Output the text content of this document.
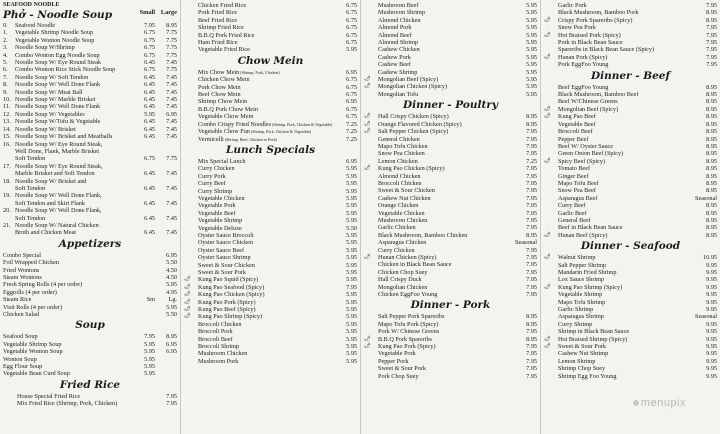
SEAFOOD NOODLE
Phở - Noodle Soup	Small Large
0.	Seafood Noodle	7.95	8.95
1.	Vegetable Shrimp Noodle Soup	6.75	7.75
2.	Vegetable Wonton Noodle Soup	6.75	7.75
3.	Noodle Soup W/Shrimp	6.75	7.75
4.	Combo Wonton Egg Noodle Soup	6.75	7.75
5.	Noodle Soup W/ Eye Round Steak	6.45	7.45
6.	Combo Wonton Rice Stick Noodle Soup	6.75	7.75
7.	Noodle Soup W/ Soft Tendon	6.45	7.45
8.	Noodle Soup W/ Well Done Flank	6.45	7.45
9.	Noodle Soup W/ Meat Ball	6.45	7.45
10. Noodle Soup W/ Marble Brisket	6.45	7.45
11. Noodle Soup W/ Well Done Flank	6.45	7.45
12. Noodle Soup W/ Vegetables	5.95	6.95
13. Noodle Soup W/Tofu & Vegetable	6.45	7.45
14. Noodle Soup W/ Brisket	6.45	7.45
15. Noodle Soup W/ Brisket and Meatballs	6.45	7.45
16. Noodle Soup W/ Eye Round Steak,
Well Done, Flank, Marble Brisket
Soft Tendon	6.75	7.75
17. Noodle Soup W/ Eye Round Steak,
Marble Brisket and Soft Tendon	6.45	7.45
18. Noodle Soup W/ Brisket and
Soft Tendon	6.45	7.45
19. Noodle Soup W/ Well Done Flank,
Soft Tendon and Skirt Flank	6.45	7.45
20. Noodle Soup W/ Well Done Flank,
Soft Tendon	6.45	7.45
21. Noodle Soup W/ Natural Chicken
Broth and Chicken Meat	6.45	7.45
Appetizers
Combo Special	6.95
Foil Wrapped Chicken	5.50
Fried Wontons	4.50
Steam Wontons	4.50
Fresh Spring Rolls (4 per order)	5.95
Eggrolls (4 per order)	4.95
Steam Rice	Sm	Lg.
Visit Rolls (4 per order)	5.95
Chicken Salad	5.50
Soup
Seafood Soup	7.95	8.95
Vegetable Shrimp Soup	5.95	6.95
Vegetable Wonton Soup	5.95	6.95
Wonton Soup	5.95
Egg Flour Soup	5.95
Vegetable Bean Curd Soup	5.95
Fried Rice
House Special Fried Rice	7.95
Mix Fried Rice (Shrimp, Pork, Chicken)	7.95
Chicken Fried Rice	6.75
Pork Fried Rice	6.75
Beef Fried Rice	6.75
Shrimp Fried Rice	6.75
B.B.Q Pork Fried Rice	6.75
Ham Fried Rice	6.75
Vegetable Fried Rice	5.95
Chow Mein
Mix Chow Mein (Shrimp, Pork, Chicken)	6.95
Chicken Chow Mein	6.75
Pork Chow Mein	6.75
Beef Chow Mein	6.75
Shrimp Chow Mein	6.95
B.B.Q Pork Chow Mein	6.75
Vegetable Chow Mein	6.75
Combo Crispy Fried Noodles (Shrimp, Pork, Chicken & Vegetable)	7.25
Vegetable Chow Fun (Shrimp, Pork, Chicken & Vegetable)	7.25
Vermicelli (Shrimp, Beef, Chicken or Pork)	7.25
Lunch Specials
Mix Special Lunch	6.95
Curry Chicken	5.95
Curry Pork	5.95
Curry Beef	5.95
Curry Shrimp	5.95
Vegetable Chicken	5.95
Vegetable Pork	5.95
Vegetable Beef	5.95
Vegetable Shrimp	5.95
Vegetable Deluxe	5.50
Oyster Sauce Broccoli	5.95
Oyster Sauce Chicken	5.95
Oyster Sauce Beef	5.95
Oyster Sauce Shrimp	5.95
Sweet & Sour Chicken	5.95
Sweet & Sour Pork	5.95
🌶	Kung Pao Squid (Spicy)	5.95
🌶	Kung Pao Seafood (Spicy)	7.95
🌶	Kung Pao Chicken (Spicy)	5.95
🌶	Kung Pao Pork (Spicy)	5.95
🌶	Kung Pao Beef (Spicy)	5.95
🌶	Kung Pao Shrimp (Spicy)	5.95
Broccoli Chicken	5.95
Broccoli Pork	5.95
Broccoli Beef	5.95
Broccoli Shrimp	5.95
Mushroom Chicken	5.95
Mushroom Pork	5.95
Mushroom Beef	5.95
Mushroom Shrimp	5.95
Almond Chicken	5.95
Almond Pork	5.95
Almond Beef	5.95
Almond Shrimp	5.95
Cashew Chicken	5.95
Cashew Pork	5.95
Cashew Beef	5.95
Cashew Shrimp	5.95
🌶	Mongolian Beef (Spicy)	5.95
🌶	Mongolian Chicken (Spicy)	5.95
Mongolian Tofu	5.95
Dinner - Poultry
🌶	Hall Crispy Chicken (Spicy)	8.95
🌶	Orange Flavored Chicken (Spicy)	8.95
🌶	Salt Pepper Chicken (Spicy)	7.95
General Chicken	7.95
Mapo Tofu Chicken	7.95
Snow Pea Chicken	7.95
Lemon Chicken	7.25
🌶	Kung Pao Chicken (Spicy)	7.95
Almond Chicken	7.95
Broccoli Chicken	7.95
Sweet & Sour Chicken	7.95
Cashew Nut Chicken	7.95
Orange Chicken	7.95
Vegetable Chicken	7.95
Mushroom Chicken	7.95
Garlic Chicken	7.95
Black Mushroom, Bamboo Chicken	8.95
Asparagus Chicken	Seasonal
Curry Chicken	7.95
🌶	Hunan Chicken (Spicy)	7.95
Chicken in Black Bean Sauce	7.95
Chicken Chop Suey	7.95
Hall Crispy Duck	7.95
Mongolian Chicken	7.95
Chicken EggFoo Young	7.95
Dinner - Pork
Salt Pepper Pork Spareribs	8.95
Mapo Tofu Pork (Spicy)	8.95
Pork W/ Chinese Greens	7.95
🌶	B.B.Q Pork Spareribs	8.95
🌶	Kung Pao Pork (Spicy)	7.95
Vegetable Pork	7.95
Pepper Pork	7.95
Sweet & Sour Pork	7.95
Pork Chop Suey	7.95
Garlic Pork	7.95
Black Mushroom, Bamboo Pork	8.95
🌶	Crispy Pork Spareribs (Spicy)	8.95
Snow Pea Pork	7.95
🌶	Hot Braised Pork (Spicy)	7.95
Pork in Black Bean Sauce	7.95
Spareribs in Black Bean Sauce (Spicy)	7.95
🌶	Hunan Pork (Spicy)	7.95
Pork EggFoo Young	7.95
Dinner - Beef
Beef EggFoo Young	8.95
Black Mushroom, Bamboo Beef	8.95
Beef W/Chinese Greens	8.95
🌶	Mongolian Beef (Spicy)	8.95
🌶	Kung Pao Beef	8.95
Vegetable Beef	8.95
Broccoli Beef	8.95
Pepper Beef	8.95
Beef W/ Oyster Sauce	8.95
Green Onion Beef (Spicy)	8.95
🌶	Spicy Beef (Spicy)	8.95
Tomato Beef	8.95
Ginger Beef	8.95
Mapo Tofu Beef	8.95
Snow Pea Beef	8.95
Asparagus Beef	Seasonal
Curry Beef	8.95
Garlic Beef	8.95
General Beef	8.95
Beef in Black Bean Sauce	8.95
🌶	Hunan Beef (Spicy)	8.95
Dinner - Seafood
🌶	Walnut Shrimp	10.95
Salt Pepper Shrimp	9.95
Mandarin Fried Shrimp	9.95
Lox Sauce Shrimp	9.95
🌶	Kung Pao Shrimp (Spicy)	9.95
Vegetable Shrimp	9.95
Mapo Tofu Shrimp	9.95
Garlic Shrimp	9.95
Asparagus Shrimp	Seasonal
Curry Shrimp	9.95
Shrimp in Black Bean Sauce	9.95
🌶	Hot Braised Shrimp (Spicy)	9.95
🌶	Sweet & Sour Pork	9.95
Cashew Nut Shrimp	9.95
Lemon Shrimp	9.95
Shrimp Chop Suey	9.95
Shrimp Egg Foo Young	9.95
menupix
